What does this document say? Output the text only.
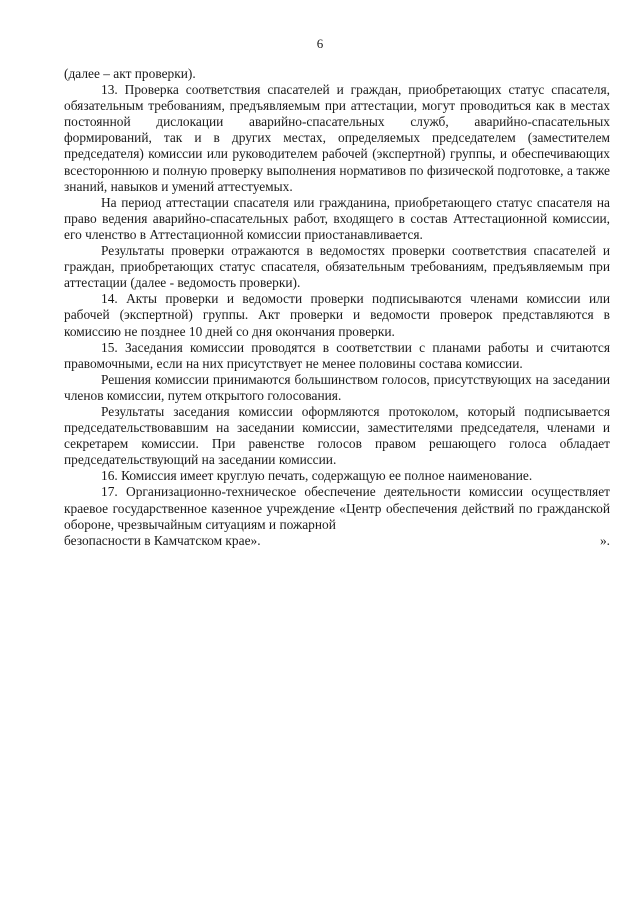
6

(далее – акт проверки).

13. Проверка соответствия спасателей и граждан, приобретающих статус спасателя, обязательным требованиям, предъявляемым при аттестации, могут проводиться как в местах постоянной дислокации аварийно-спасательных служб, аварийно-спасательных формирований, так и в других местах, определяемых председателем (заместителем председателя) комиссии или руководителем рабочей (экспертной) группы, и обеспечивающих всестороннюю и полную проверку выполнения нормативов по физической подготовке, а также знаний, навыков и умений аттестуемых.

На период аттестации спасателя или гражданина, приобретающего статус спасателя на право ведения аварийно-спасательных работ, входящего в состав Аттестационной комиссии, его членство в Аттестационной комиссии приостанавливается.

Результаты проверки отражаются в ведомостях проверки соответствия спасателей и граждан, приобретающих статус спасателя, обязательным требованиям, предъявляемым при аттестации (далее - ведомость проверки).

14. Акты проверки и ведомости проверки подписываются членами комиссии или рабочей (экспертной) группы. Акт проверки и ведомости проверок представляются в комиссию не позднее 10 дней со дня окончания проверки.

15. Заседания комиссии проводятся в соответствии с планами работы и считаются правомочными, если на них присутствует не менее половины состава комиссии.

Решения комиссии принимаются большинством голосов, присутствующих на заседании членов комиссии, путем открытого голосования.

Результаты заседания комиссии оформляются протоколом, который подписывается председательствовавшим на заседании комиссии, заместителями председателя, членами и секретарем комиссии. При равенстве голосов правом решающего голоса обладает председательствующий на заседании комиссии.

16. Комиссия имеет круглую печать, содержащую ее полное наименование.

17. Организационно-техническое обеспечение деятельности комиссии осуществляет краевое государственное казенное учреждение «Центр обеспечения действий по гражданской обороне, чрезвычайным ситуациям и пожарной

безопасности в Камчатском крае».	».
